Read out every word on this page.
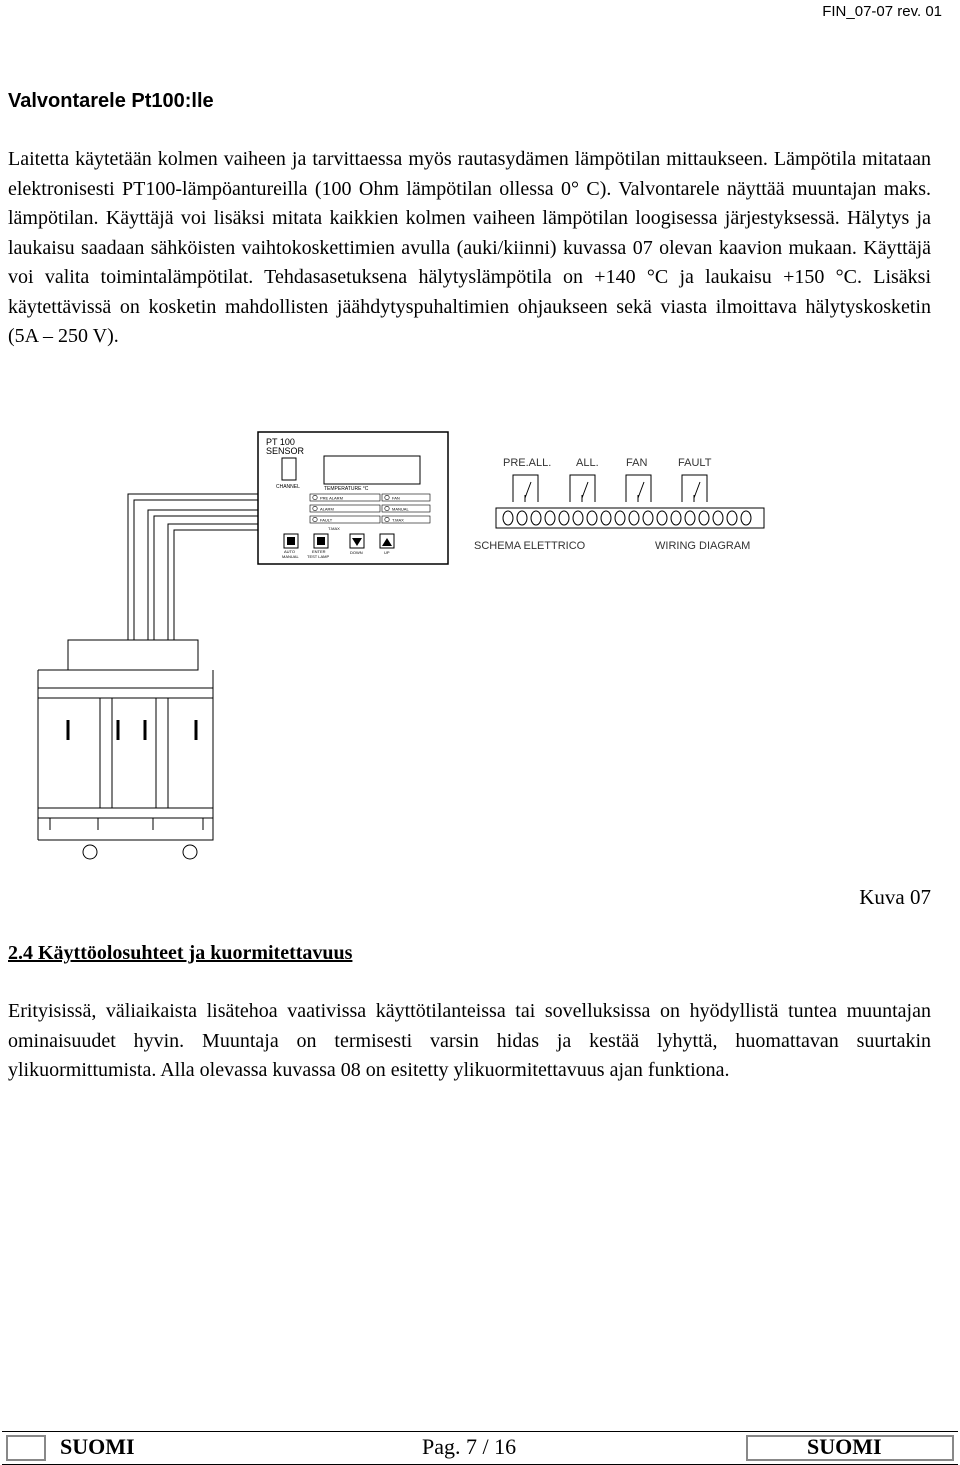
FIN_07-07 rev. 01
Valvontarele Pt100:lle

Laitetta käytetään kolmen vaiheen ja tarvittaessa myös rautasydämen lämpötilan mittaukseen. Lämpötila mitataan elektronisesti PT100-lämpöantureilla (100 Ohm lämpötilan ollessa 0° C). Valvontarele näyttää muuntajan maks. lämpötilan. Käyttäjä voi lisäksi mitata kaikkien kolmen vaiheen lämpötilan loogisessa järjestyksessä. Hälytys ja laukaisu saadaan sähköisten vaihtokoskettimien avulla (auki/kiinni) kuvassa 07 olevan kaavion mukaan. Käyttäjä voi valita toimintalämpötilat. Tehdasasetuksena hälytyslämpötila on +140 °C ja laukaisu +150 °C. Lisäksi käytettävissä on kosketin mahdollisten jäähdytyspuhaltimien ohjaukseen sekä viasta ilmoittava hälytyskosketin (5A – 250 V).

PT 100
SENSOR
CHANNEL	TEMPERATURE °C
PRE ALARM
ALARM
FAULT
FAN
MANUAL
T.MAX
T.MAX
AUTO
MANUAL
ENTER
TEST LAMP
DOWN	UP
PRE.ALL. ALL. FAN	FAULT
SCHEMA ELETTRICO	WIRING DIAGRAM
Kuva 07
2.4 Käyttöolosuhteet ja kuormitettavuus

Erityisissä, väliaikaista lisätehoa vaativissa käyttötilanteissa tai sovelluksissa on hyödyllistä tuntea muuntajan ominaisuudet hyvin. Muuntaja on termisesti varsin hidas ja kestää lyhyttä, huomattavan suurtakin ylikuormittumista. Alla olevassa kuvassa 08 on esitetty ylikuormitettavuus ajan funktiona.

SUOMI	Pag. 7 / 16	SUOMI
